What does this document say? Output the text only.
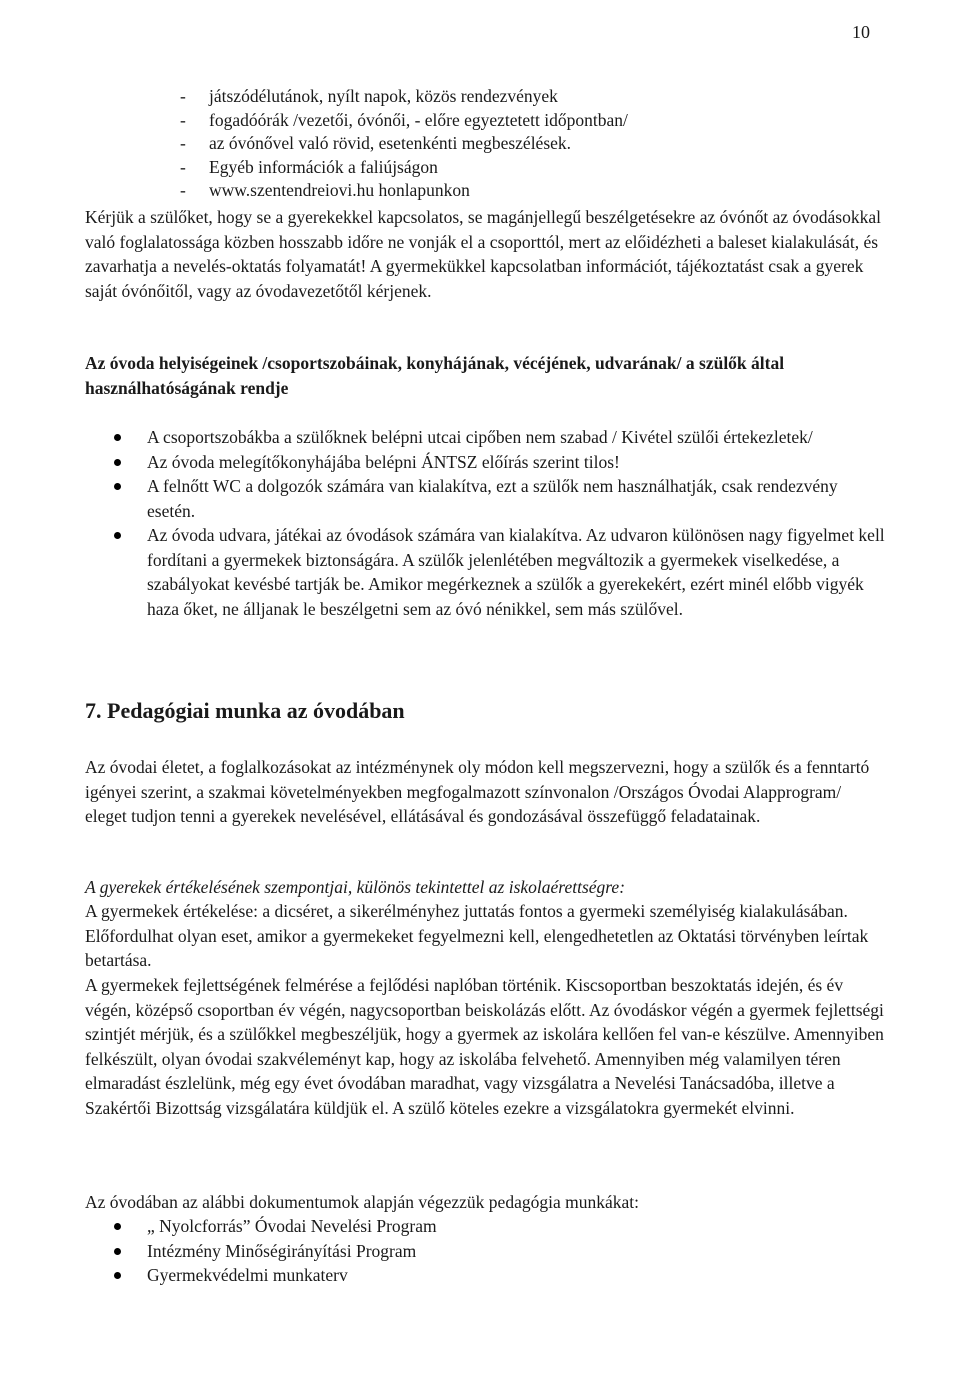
10
- játszódélutánok, nyílt napok, közös rendezvények
- fogadóórák /vezetői, óvónői, - előre egyeztetett időpontban/
- az óvónővel való rövid, esetenkénti megbeszélések.
- Egyéb információk a faliújságon
- www.szentendreiovi.hu honlapunkon

Kérjük a szülőket, hogy se a gyerekekkel kapcsolatos, se magánjellegű beszélgetésekre az óvónőt az óvodásokkal való foglalatossága közben hosszabb időre ne vonják el a csoporttól, mert az előidézheti a baleset kialakulását, és zavarhatja a nevelés-oktatás folyamatát! A gyermekükkel kapcsolatban információt, tájékoztatást csak a gyerek saját óvónőitől, vagy az óvodavezetőtől kérjenek.

Az óvoda helyiségeinek /csoportszobáinak, konyhájának, vécéjének, udvarának/ a szülők által használhatóságának rendje

A csoportszobákba a szülőknek belépni utcai cipőben nem szabad / Kivétel szülői értekezletek/
Az óvoda melegítőkonyhájába belépni ÁNTSZ előírás szerint tilos!
A felnőtt WC a dolgozók számára van kialakítva, ezt a szülők nem használhatják, csak rendezvény esetén.
Az óvoda udvara, játékai az óvodások számára van kialakítva. Az udvaron különösen nagy figyelmet kell fordítani a gyermekek biztonságára. A szülők jelenlétében megváltozik a gyermekek viselkedése, a szabályokat kevésbé tartják be. Amikor megérkeznek a szülők a gyerekekért, ezért minél előbb vigyék haza őket, ne álljanak le beszélgetni sem az óvó nénikkel, sem más szülővel.
7. Pedagógiai munka az óvodában

Az óvodai életet, a foglalkozásokat az intézménynek oly módon kell megszervezni, hogy a szülők és a fenntartó igényei szerint, a szakmai követelményekben megfogalmazott színvonalon /Országos Óvodai Alapprogram/ eleget tudjon tenni a gyerekek nevelésével, ellátásával és gondozásával összefüggő feladatainak.

A gyerekek értékelésének szempontjai, különös tekintettel az iskolaérettségre:

A gyermekek értékelése: a dicséret, a sikerélményhez juttatás fontos a gyermeki személyiség kialakulásában. Előfordulhat olyan eset, amikor a gyermekeket fegyelmezni kell, elengedhetetlen az Oktatási törvényben leírtak betartása.

A gyermekek fejlettségének felmérése a fejlődési naplóban történik. Kiscsoportban beszoktatás idején, és év végén, középső csoportban év végén, nagycsoportban beiskolázás előtt. Az óvodáskor végén a gyermek fejlettségi szintjét mérjük, és a szülőkkel megbeszéljük, hogy a gyermek az iskolára kellően fel van-e készülve. Amennyiben felkészült, olyan óvodai szakvéleményt kap, hogy az iskolába felvehető. Amennyiben még valamilyen téren elmaradást észlelünk, még egy évet óvodában maradhat, vagy vizsgálatra a Nevelési Tanácsadóba, illetve a Szakértői Bizottság vizsgálatára küldjük el. A szülő köteles ezekre a vizsgálatokra gyermekét elvinni.

Az óvodában az alábbi dokumentumok alapján végezzük pedagógia munkákat:

„ Nyolcforrás” Óvodai Nevelési Program
Intézmény Minőségirányítási Program
Gyermekvédelmi munkaterv
